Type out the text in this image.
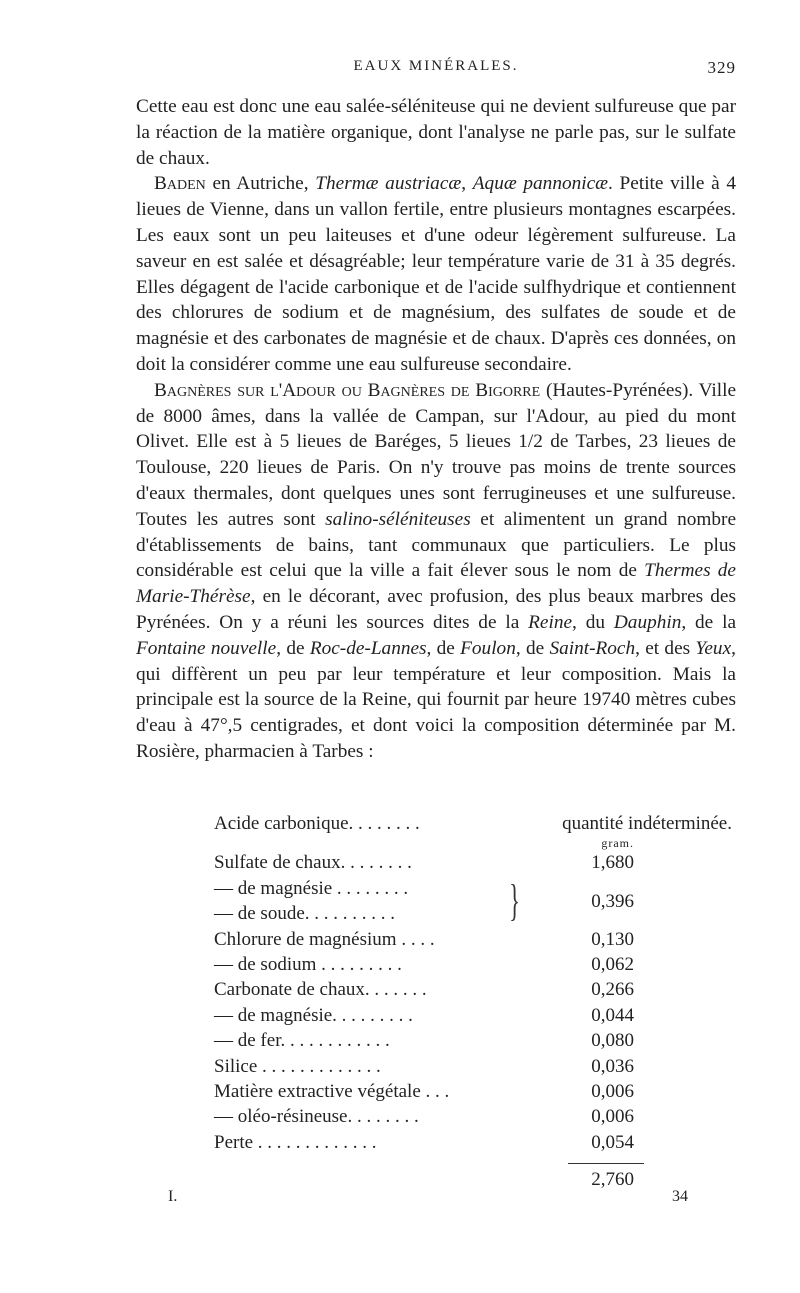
EAUX MINÉRALES.	329

Cette eau est donc une eau salée-séléniteuse qui ne devient sulfureuse que par la réaction de la matière organique, dont l'analyse ne parle pas, sur le sulfate de chaux.

Baden en Autriche, Thermæ austriacæ, Aquæ pannonicæ. Petite ville à 4 lieues de Vienne, dans un vallon fertile, entre plusieurs montagnes escarpées. Les eaux sont un peu laiteuses et d'une odeur légèrement sulfureuse. La saveur en est salée et désagréable; leur température varie de 31 à 35 degrés. Elles dégagent de l'acide carbonique et de l'acide sulfhydrique et contiennent des chlorures de sodium et de magnésium, des sulfates de soude et de magnésie et des carbonates de magnésie et de chaux. D'après ces données, on doit la considérer comme une eau sulfureuse secondaire.

Bagnères sur l'Adour ou Bagnères de Bigorre (Hautes-Pyrénées). Ville de 8000 âmes, dans la vallée de Campan, sur l'Adour, au pied du mont Olivet. Elle est à 5 lieues de Baréges, 5 lieues 1/2 de Tarbes, 23 lieues de Toulouse, 220 lieues de Paris. On n'y trouve pas moins de trente sources d'eaux thermales, dont quelques unes sont ferrugineuses et une sulfureuse. Toutes les autres sont salino-séléniteuses et alimentent un grand nombre d'établissements de bains, tant communaux que particuliers. Le plus considérable est celui que la ville a fait élever sous le nom de Thermes de Marie-Thérèse, en le décorant, avec profusion, des plus beaux marbres des Pyrénées. On y a réuni les sources dites de la Reine, du Dauphin, de la Fontaine nouvelle, de Roc-de-Lannes, de Foulon, de Saint-Roch, et des Yeux, qui diffèrent un peu par leur température et leur composition. Mais la principale est la source de la Reine, qui fournit par heure 19740 mètres cubes d'eau à 47°,5 centigrades, et dont voici la composition déterminée par M. Rosière, pharmacien à Tarbes :

Acide carbonique. . . . . . . .	quantité indéterminée.
gram.
Sulfate de chaux. . . . . . . .	1,680
— de magnésie . . . . . . . .
— de soude. . . . . . . . . .	}	0,396
Chlorure de magnésium . . . .	0,130
— de sodium . . . . . . . . .	0,062
Carbonate de chaux. . . . . . .	0,266
— de magnésie. . . . . . . . .	0,044
— de fer. . . . . . . . . . . .	0,080
Silice . . . . . . . . . . . . .	0,036
Matière extractive végétale . . .	0,006
— oléo-résineuse. . . . . . . .	0,006
Perte . . . . . . . . . . . . .	0,054
2,760
I.	34
